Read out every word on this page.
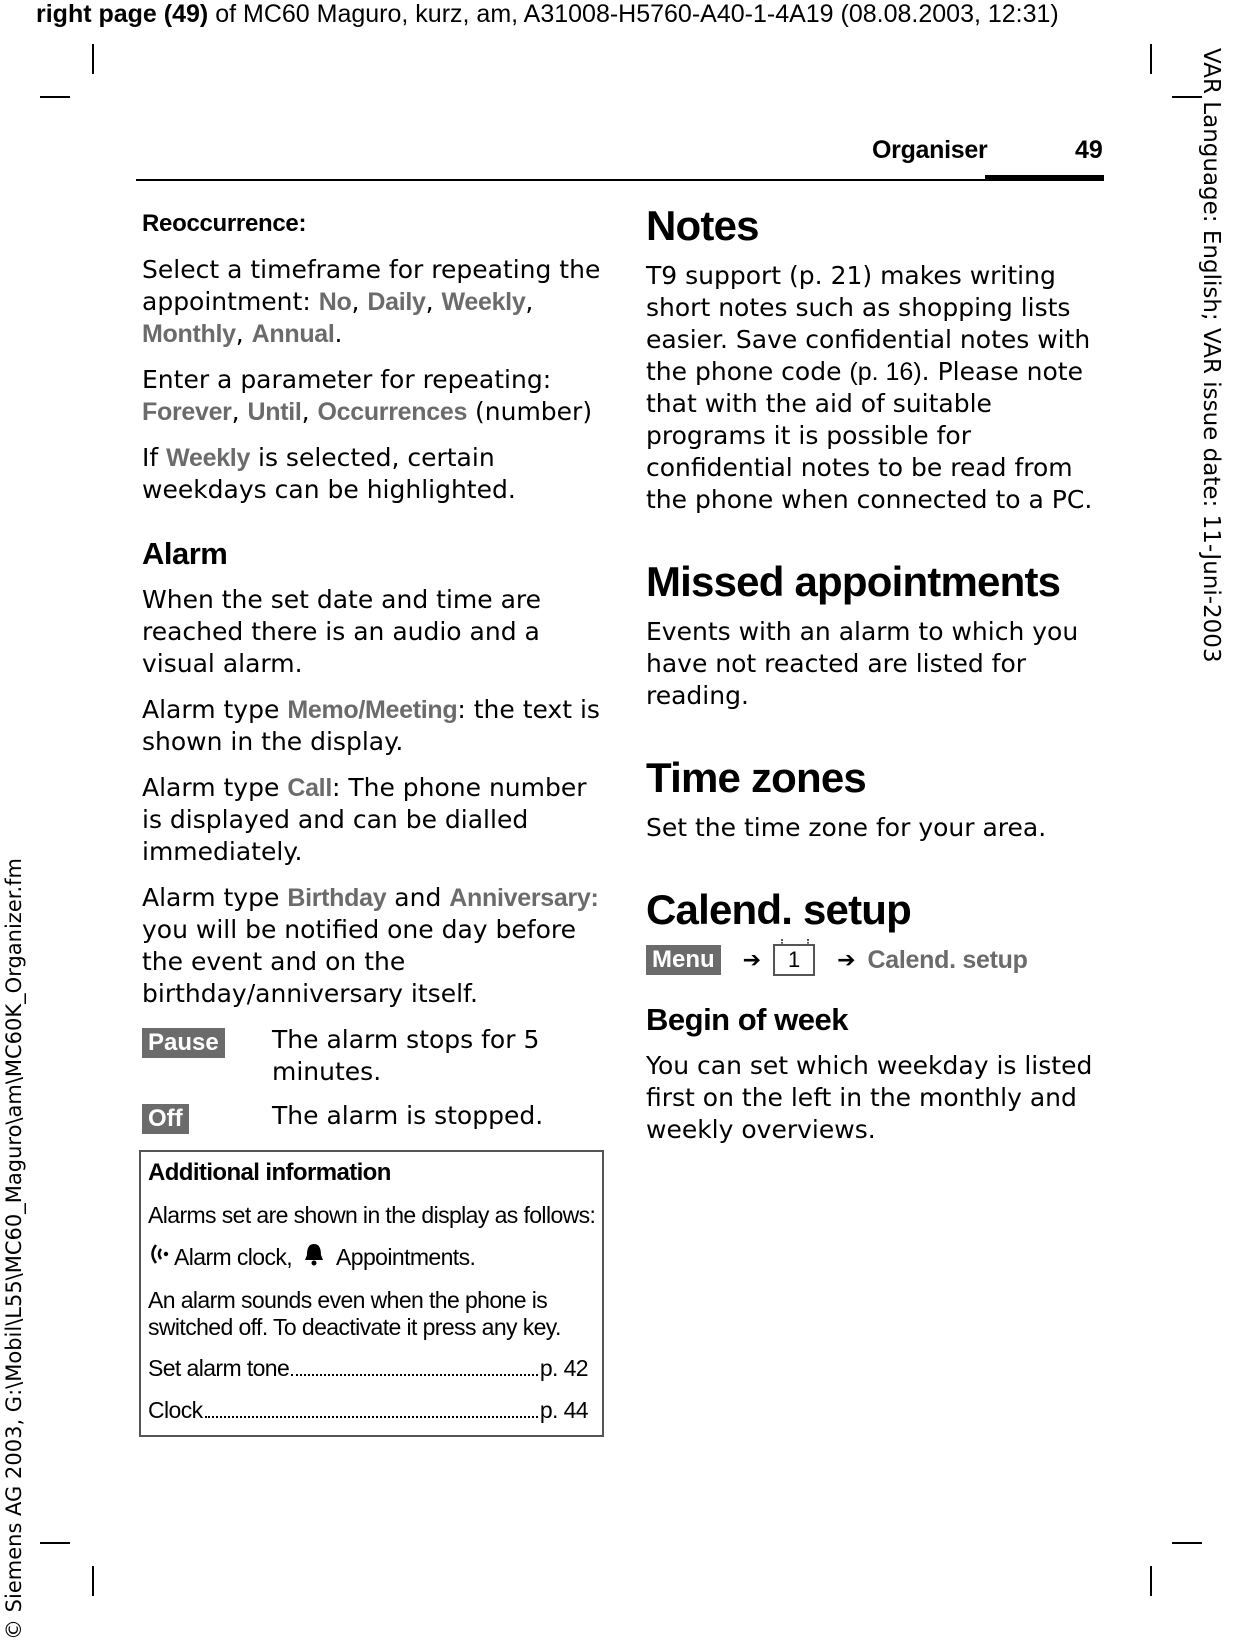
right page (49) of MC60 Maguro, kurz, am, A31008-H5760-A40-1-4A19 (08.08.2003, 12:31)
VAR Language: English; VAR issue date: 11-Juni-2003
© Siemens AG 2003, G:\Mobil\L55\MC60_Maguro\am\MC60K_Organizer.fm
Organiser	49
Reoccurrence:

Select a timeframe for repeating the appointment: No, Daily, Weekly, Monthly, Annual.

Enter a parameter for repeating: Forever, Until, Occurrences (number)

If Weekly is selected, certain weekdays can be highlighted.

Alarm

When the set date and time are reached there is an audio and a visual alarm.

Alarm type Memo/Meeting: the text is shown in the display.

Alarm type Call: The phone number is displayed and can be dialled immediately.

Alarm type Birthday and Anniversary: you will be notified one day before the event and on the birthday/anniversary itself.

Pause	The alarm stops for 5 minutes.
Off	The alarm is stopped.
Additional information
Alarms set are shown in the display as follows:
Alarm clock, Appointments.
An alarm sounds even when the phone is switched off. To deactivate it press any key.
Set alarm tone	p. 42
Clock	p. 44
Notes

T9 support (p. 21) makes writing short notes such as shopping lists easier. Save confidential notes with the phone code (p. 16). Please note that with the aid of suitable programs it is possible for confidential notes to be read from the phone when connected to a PC.

Missed appointments

Events with an alarm to which you have not reacted are listed for reading.

Time zones

Set the time zone for your area.

Calend. setup
Menu ➔ 1 ➔ Calend. setup
Begin of week

You can set which weekday is listed first on the left in the monthly and weekly overviews.
